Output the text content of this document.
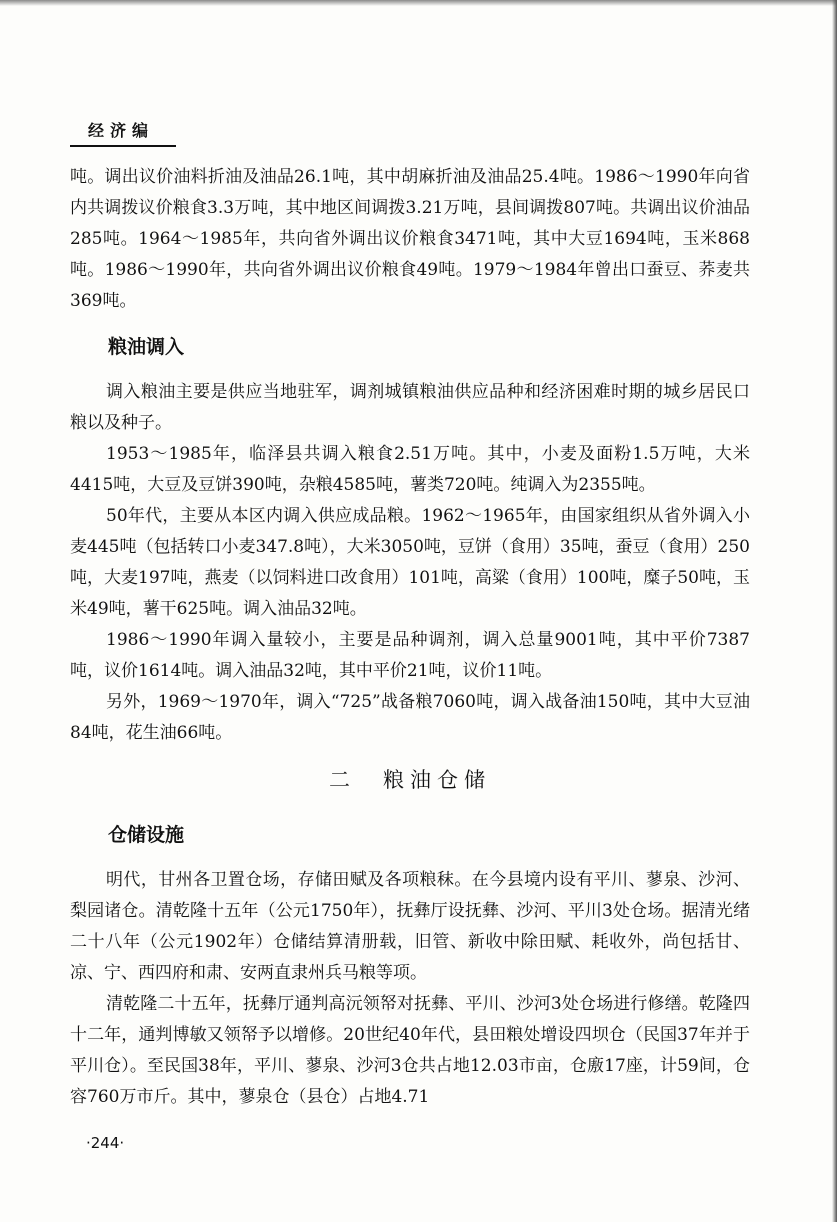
经济编

吨。调出议价油料折油及油品26.1吨，其中胡麻折油及油品25.4吨。1986～1990年向省内共调拨议价粮食3.3万吨，其中地区间调拨3.21万吨，县间调拨807吨。共调出议价油品285吨。1964～1985年，共向省外调出议价粮食3471吨，其中大豆1694吨，玉米868吨。1986～1990年，共向省外调出议价粮食49吨。1979～1984年曾出口蚕豆、荞麦共369吨。

粮油调入

调入粮油主要是供应当地驻军，调剂城镇粮油供应品种和经济困难时期的城乡居民口粮以及种子。

1953～1985年，临泽县共调入粮食2.51万吨。其中，小麦及面粉1.5万吨，大米4415吨，大豆及豆饼390吨，杂粮4585吨，薯类720吨。纯调入为2355吨。

50年代，主要从本区内调入供应成品粮。1962～1965年，由国家组织从省外调入小麦445吨（包括转口小麦347.8吨），大米3050吨，豆饼（食用）35吨，蚕豆（食用）250吨，大麦197吨，燕麦（以饲料进口改食用）101吨，高粱（食用）100吨，糜子50吨，玉米49吨，薯干625吨。调入油品32吨。

1986～1990年调入量较小，主要是品种调剂，调入总量9001吨，其中平价7387吨，议价1614吨。调入油品32吨，其中平价21吨，议价11吨。

另外，1969～1970年，调入“725”战备粮7060吨，调入战备油150吨，其中大豆油84吨，花生油66吨。

二　粮油仓储
仓储设施

明代，甘州各卫置仓场，存储田赋及各项粮秣。在今县境内设有平川、蓼泉、沙河、梨园诸仓。清乾隆十五年（公元1750年），抚彝厅设抚彝、沙河、平川3处仓场。据清光绪二十八年（公元1902年）仓储结算清册载，旧管、新收中除田赋、耗收外，尚包括甘、凉、宁、西四府和肃、安两直隶州兵马粮等项。

清乾隆二十五年，抚彝厅通判高沅领帑对抚彝、平川、沙河3处仓场进行修缮。乾隆四十二年，通判博敏又领帑予以增修。20世纪40年代，县田粮处增设四坝仓（民国37年并于平川仓）。至民国38年，平川、蓼泉、沙河3仓共占地12.03市亩，仓廒17座，计59间，仓容760万市斤。其中，蓼泉仓（县仓）占地4.71

·244·
